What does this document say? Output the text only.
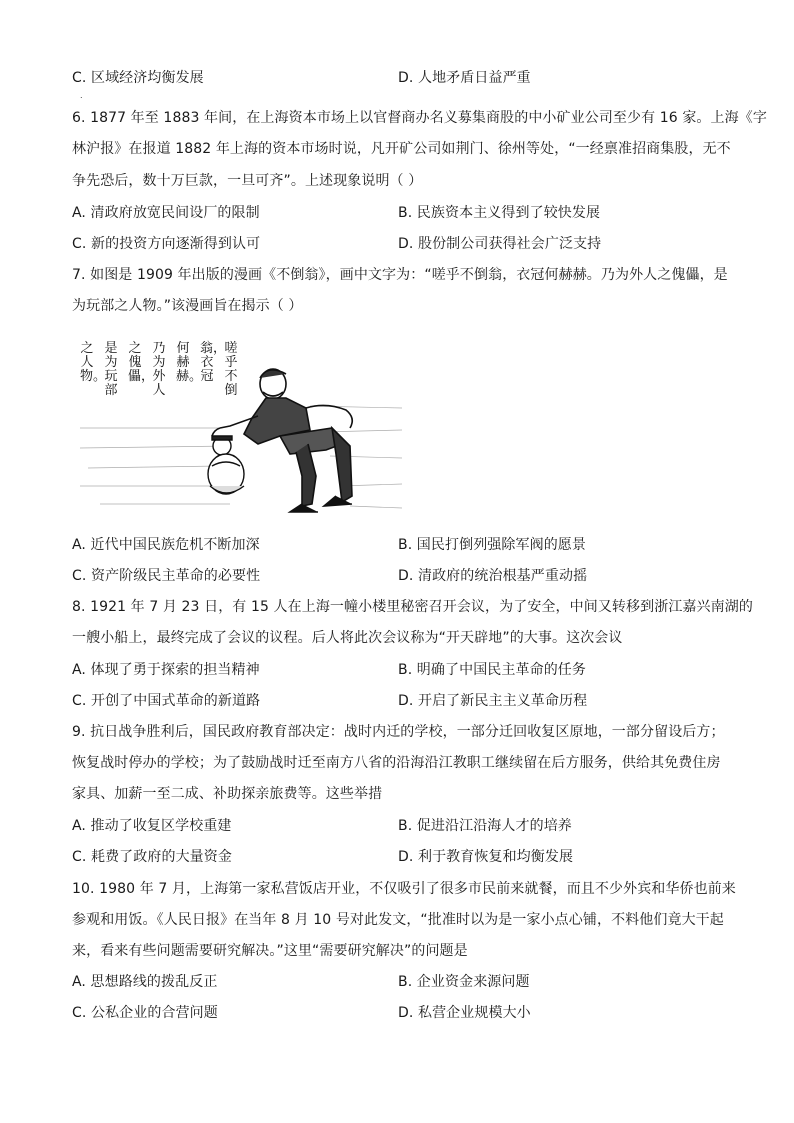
C. 区域经济均衡发展	D. 人地矛盾日益严重
.
6. 1877 年至 1883 年间，在上海资本市场上以官督商办名义募集商股的中小矿业公司至少有 16 家。上海《字
林沪报》在报道 1882 年上海的资本市场时说，凡开矿公司如荆门、徐州等处，“一经禀准招商集股，无不
争先恐后，数十万巨款，一旦可齐”。上述现象说明（ ）
A. 清政府放宽民间设厂的限制	B. 民族资本主义得到了较快发展
C. 新的投资方向逐渐得到认可	D. 股份制公司获得社会广泛支持
7. 如图是 1909 年出版的漫画《不倒翁》，画中文字为：“嗟乎不倒翁，衣冠何赫赫。乃为外人之傀儡，是
为玩部之人物。”该漫画旨在揭示（ ）
之人物。
是为玩部
之傀儡，
乃为外人
何赫赫。
翁，衣冠
嗟乎不倒
A. 近代中国民族危机不断加深	B. 国民打倒列强除军阀的愿景
C. 资产阶级民主革命的必要性	D. 清政府的统治根基严重动摇
8. 1921 年 7 月 23 日，有 15 人在上海一幢小楼里秘密召开会议，为了安全，中间又转移到浙江嘉兴南湖的
一艘小船上，最终完成了会议的议程。后人将此次会议称为“开天辟地”的大事。这次会议
A. 体现了勇于探索的担当精神	B. 明确了中国民主革命的任务
C. 开创了中国式革命的新道路	D. 开启了新民主主义革命历程
9. 抗日战争胜利后，国民政府教育部决定：战时内迁的学校，一部分迁回收复区原地，一部分留设后方；
恢复战时停办的学校；为了鼓励战时迁至南方八省的沿海沿江教职工继续留在后方服务，供给其免费住房
家具、加薪一至二成、补助探亲旅费等。这些举措
A. 推动了收复区学校重建	B. 促进沿江沿海人才的培养
C. 耗费了政府的大量资金	D. 利于教育恢复和均衡发展
10. 1980 年 7 月，上海第一家私营饭店开业，不仅吸引了很多市民前来就餐，而且不少外宾和华侨也前来
参观和用饭。《人民日报》在当年 8 月 10 号对此发文，“批准时以为是一家小点心铺，不料他们竟大干起
来，看来有些问题需要研究解决。”这里“需要研究解决”的问题是
A. 思想路线的拨乱反正	B. 企业资金来源问题
C. 公私企业的合营问题	D. 私营企业规模大小
